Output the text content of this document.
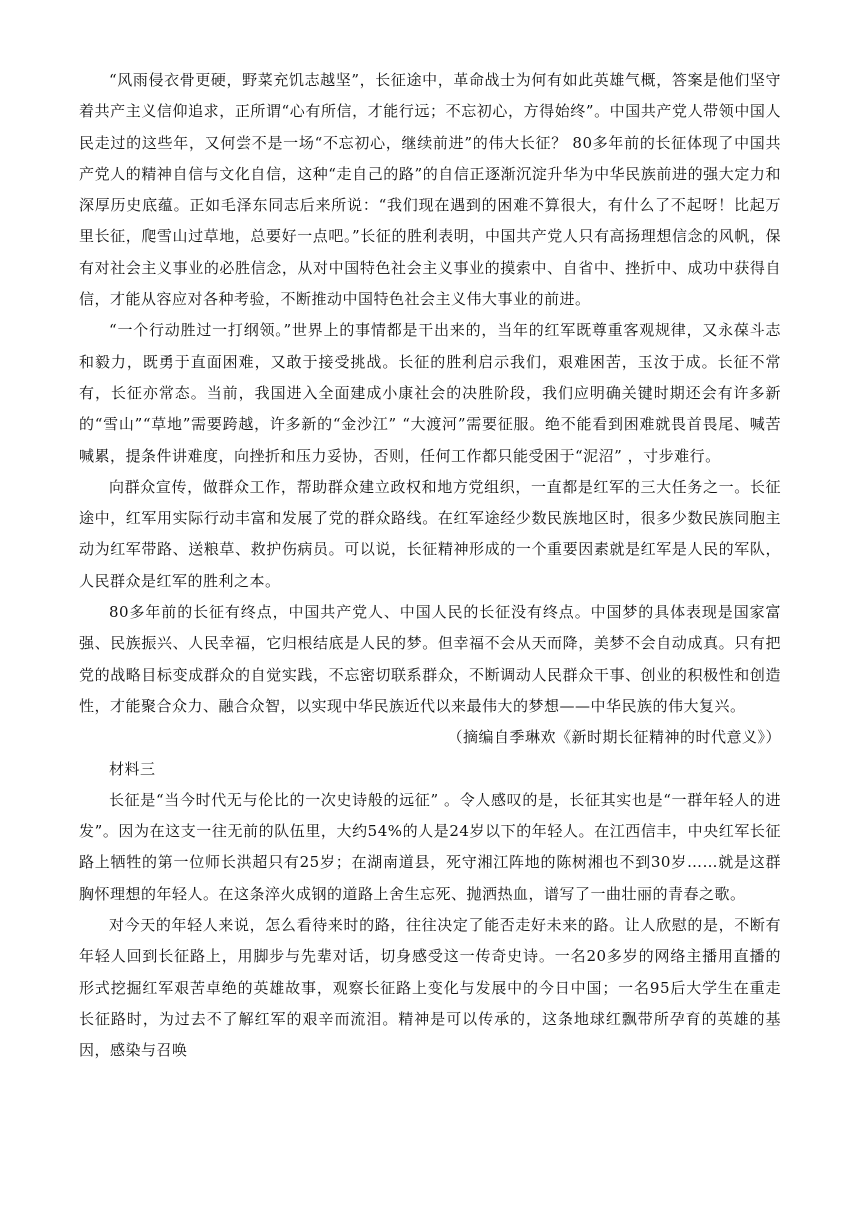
“风雨侵衣骨更硬，野菜充饥志越坚”，长征途中，革命战士为何有如此英雄气概，答案是他们坚守着共产主义信仰追求，正所谓“心有所信，才能行远；不忘初心，方得始终”。中国共产党人带领中国人民走过的这些年，又何尝不是一场“不忘初心，继续前进”的伟大长征？ 80多年前的长征体现了中国共产党人的精神自信与文化自信，这种“走自己的路”的自信正逐渐沉淀升华为中华民族前进的强大定力和深厚历史底蕴。正如毛泽东同志后来所说：“我们现在遇到的困难不算很大，有什么了不起呀！比起万里长征，爬雪山过草地，总要好一点吧。”长征的胜利表明，中国共产党人只有高扬理想信念的风帆，保有对社会主义事业的必胜信念，从对中国特色社会主义事业的摸索中、自省中、挫折中、成功中获得自信，才能从容应对各种考验，不断推动中国特色社会主义伟大事业的前进。

“一个行动胜过一打纲领。”世界上的事情都是干出来的，当年的红军既尊重客观规律，又永葆斗志和毅力，既勇于直面困难，又敢于接受挑战。长征的胜利启示我们，艰难困苦，玉汝于成。长征不常有，长征亦常态。当前，我国进入全面建成小康社会的决胜阶段，我们应明确关键时期还会有许多新的“雪山”“草地”需要跨越，许多新的“金沙江” “大渡河”需要征服。绝不能看到困难就畏首畏尾、喊苦喊累，提条件讲难度，向挫折和压力妥协，否则，任何工作都只能受困于“泥沼” ，寸步难行。

向群众宣传，做群众工作，帮助群众建立政权和地方党组织，一直都是红军的三大任务之一。长征途中，红军用实际行动丰富和发展了党的群众路线。在红军途经少数民族地区时，很多少数民族同胞主动为红军带路、送粮草、救护伤病员。可以说，长征精神形成的一个重要因素就是红军是人民的军队，人民群众是红军的胜利之本。

80多年前的长征有终点，中国共产党人、中国人民的长征没有终点。中国梦的具体表现是国家富强、民族振兴、人民幸福，它归根结底是人民的梦。但幸福不会从天而降，美梦不会自动成真。只有把党的战略目标变成群众的自觉实践，不忘密切联系群众，不断调动人民群众干事、创业的积极性和创造性，才能聚合众力、融合众智，以实现中华民族近代以来最伟大的梦想——中华民族的伟大复兴。

（摘编自季琳欢《新时期长征精神的时代意义》）

材料三

长征是“当今时代无与伦比的一次史诗般的远征” 。令人感叹的是，长征其实也是“一群年轻人的进发”。因为在这支一往无前的队伍里，大约54%的人是24岁以下的年轻人。在江西信丰，中央红军长征路上牺牲的第一位师长洪超只有25岁；在湖南道县，死守湘江阵地的陈树湘也不到30岁……就是这群胸怀理想的年轻人。在这条淬火成钢的道路上舍生忘死、抛洒热血，谱写了一曲壮丽的青春之歌。

对今天的年轻人来说，怎么看待来时的路，往往决定了能否走好未来的路。让人欣慰的是，不断有年轻人回到长征路上，用脚步与先辈对话，切身感受这一传奇史诗。一名20多岁的网络主播用直播的形式挖掘红军艰苦卓绝的英雄故事，观察长征路上变化与发展中的今日中国；一名95后大学生在重走长征路时，为过去不了解红军的艰辛而流泪。精神是可以传承的，这条地球红飘带所孕育的英雄的基因，感染与召唤
